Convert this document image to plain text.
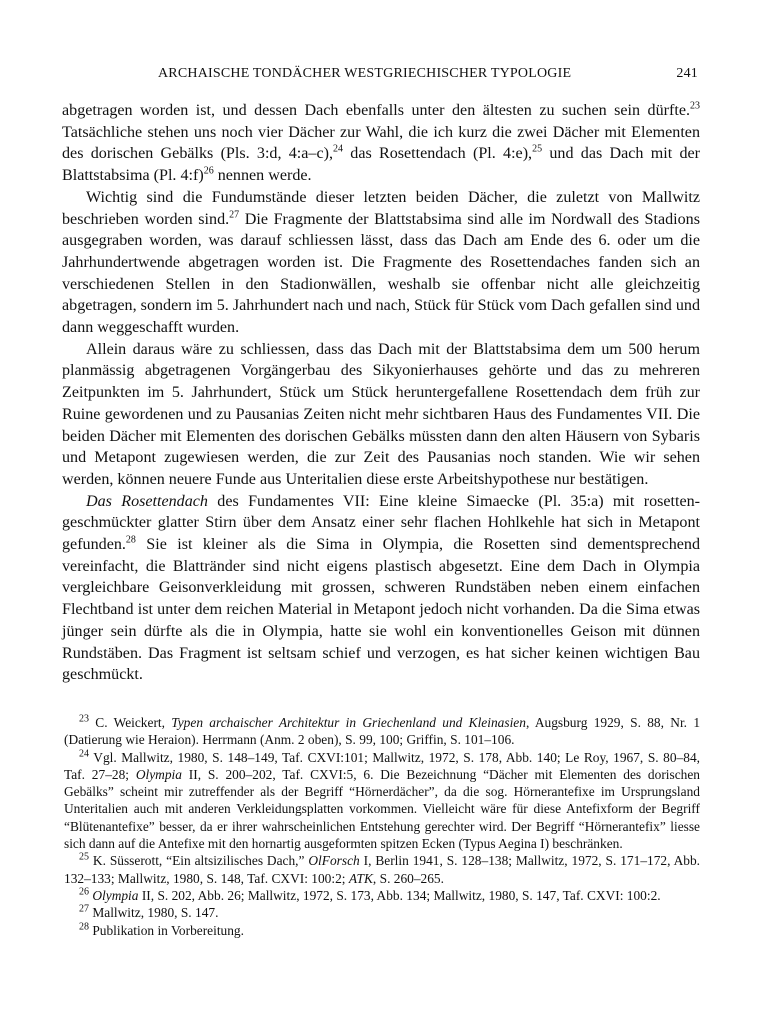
ARCHAISCHE TONDÄCHER WESTGRIECHISCHER TYPOLOGIE	241

abgetragen worden ist, und dessen Dach ebenfalls unter den ältesten zu suchen sein dürfte.$^{23}$ Tatsächliche stehen uns noch vier Dächer zur Wahl, die ich kurz die zwei Dächer mit Elementen des dorischen Gebälks (Pls. 3:d, 4:a–c),$^{24}$ das Rosettendach (Pl. 4:e),$^{25}$ und das Dach mit der Blattstabsima (Pl. 4:f)$^{26}$ nennen werde.

Wichtig sind die Fundumstände dieser letzten beiden Dächer, die zuletzt von Mallwitz beschrieben worden sind.$^{27}$ Die Fragmente der Blattstabsima sind alle im Nordwall des Stadions ausgegraben worden, was darauf schliessen lässt, dass das Dach am Ende des 6. oder um die Jahrhundertwende abgetragen worden ist. Die Fragmente des Rosettendaches fanden sich an verschiedenen Stellen in den Stadionwällen, weshalb sie offenbar nicht alle gleichzeitig abgetragen, sondern im 5. Jahrhundert nach und nach, Stück für Stück vom Dach gefallen sind und dann weggeschafft wurden.

Allein daraus wäre zu schliessen, dass das Dach mit der Blattstabsima dem um 500 herum planmässig abgetragenen Vorgängerbau des Sikyonierhauses gehörte und das zu mehreren Zeitpunkten im 5. Jahrhundert, Stück um Stück heruntergefallene Rosettendach dem früh zur Ruine gewordenen und zu Pausanias Zeiten nicht mehr sichtbaren Haus des Fundamentes VII. Die beiden Dächer mit Elementen des dorischen Gebälks müssten dann den alten Häusern von Sybaris und Metapont zugewiesen werden, die zur Zeit des Pausanias noch standen. Wie wir sehen werden, können neuere Funde aus Unteritalien diese erste Arbeitshypothese nur bestätigen.

Das Rosettendach des Fundamentes VII: Eine kleine Simaecke (Pl. 35:a) mit rosettengeschmückter glatter Stirn über dem Ansatz einer sehr flachen Hohlkehle hat sich in Metapont gefunden.$^{28}$ Sie ist kleiner als die Sima in Olympia, die Rosetten sind dementsprechend vereinfacht, die Blattränder sind nicht eigens plastisch abgesetzt. Eine dem Dach in Olympia vergleichbare Geisonverkleidung mit grossen, schweren Rundstäben neben einem einfachen Flechtband ist unter dem reichen Material in Metapont jedoch nicht vorhanden. Da die Sima etwas jünger sein dürfte als die in Olympia, hatte sie wohl ein konventionelles Geison mit dünnen Rundstäben. Das Fragment ist seltsam schief und verzogen, es hat sicher keinen wichtigen Bau geschmückt.

$^{23}$ C. Weickert, Typen archaischer Architektur in Griechenland und Kleinasien, Augsburg 1929, S. 88, Nr. 1 (Datierung wie Heraion). Herrmann (Anm. 2 oben), S. 99, 100; Griffin, S. 101–106.

$^{24}$ Vgl. Mallwitz, 1980, S. 148–149, Taf. CXVI:101; Mallwitz, 1972, S. 178, Abb. 140; Le Roy, 1967, S. 80–84, Taf. 27–28; Olympia II, S. 200–202, Taf. CXVI:5, 6. Die Bezeichnung “Dächer mit Elementen des dorischen Gebälks” scheint mir zutreffender als der Begriff “Hörnerdächer”, da die sog. Hörnerantefixe im Ursprungsland Unteritalien auch mit anderen Verkleidungsplatten vorkommen. Vielleicht wäre für diese Antefixform der Begriff “Blütenantefixe” besser, da er ihrer wahrscheinlichen Entstehung gerechter wird. Der Begriff “Hörnerantefix” liesse sich dann auf die Antefixe mit den hornartig ausgeformten spitzen Ecken (Typus Aegina I) beschränken.

$^{25}$ K. Süsserott, “Ein altsizilisches Dach,” OlForsch I, Berlin 1941, S. 128–138; Mallwitz, 1972, S. 171–172, Abb. 132–133; Mallwitz, 1980, S. 148, Taf. CXVI: 100:2; ATK, S. 260–265.

$^{26}$ Olympia II, S. 202, Abb. 26; Mallwitz, 1972, S. 173, Abb. 134; Mallwitz, 1980, S. 147, Taf. CXVI: 100:2.

$^{27}$ Mallwitz, 1980, S. 147.

$^{28}$ Publikation in Vorbereitung.
